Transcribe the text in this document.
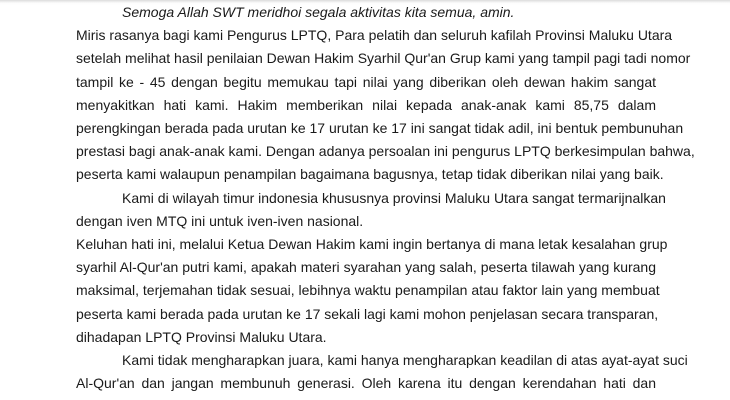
Semoga Allah SWT meridhoi segala aktivitas kita semua, amin.
Miris rasanya bagi kami Pengurus LPTQ, Para pelatih dan seluruh kafilah Provinsi Maluku Utara
setelah melihat hasil penilaian Dewan Hakim Syarhil Qur'an Grup kami yang tampil pagi tadi nomor
tampil ke - 45 dengan begitu memukau tapi nilai yang diberikan oleh dewan hakim sangat
menyakitkan hati kami. Hakim memberikan nilai kepada anak-anak kami 85,75 dalam
perengkingan berada pada urutan ke 17 urutan ke 17 ini sangat tidak adil, ini bentuk pembunuhan
prestasi bagi anak-anak kami. Dengan adanya persoalan ini pengurus LPTQ berkesimpulan bahwa,
peserta kami walaupun penampilan bagaimana bagusnya, tetap tidak diberikan nilai yang baik.
Kami di wilayah timur indonesia khususnya provinsi Maluku Utara sangat termarijnalkan
dengan iven MTQ ini untuk iven-iven nasional.
Keluhan hati ini, melalui Ketua Dewan Hakim kami ingin bertanya di mana letak kesalahan grup
syarhil Al-Qur'an putri kami, apakah materi syarahan yang salah, peserta tilawah yang kurang
maksimal, terjemahan tidak sesuai, lebihnya waktu penampilan atau faktor lain yang membuat
peserta kami berada pada urutan ke 17 sekali lagi kami mohon penjelasan secara transparan,
dihadapan LPTQ Provinsi Maluku Utara.
Kami tidak mengharapkan juara, kami hanya mengharapkan keadilan di atas ayat-ayat suci
Al-Qur'an dan jangan membunuh generasi. Oleh karena itu dengan kerendahan hati dan
